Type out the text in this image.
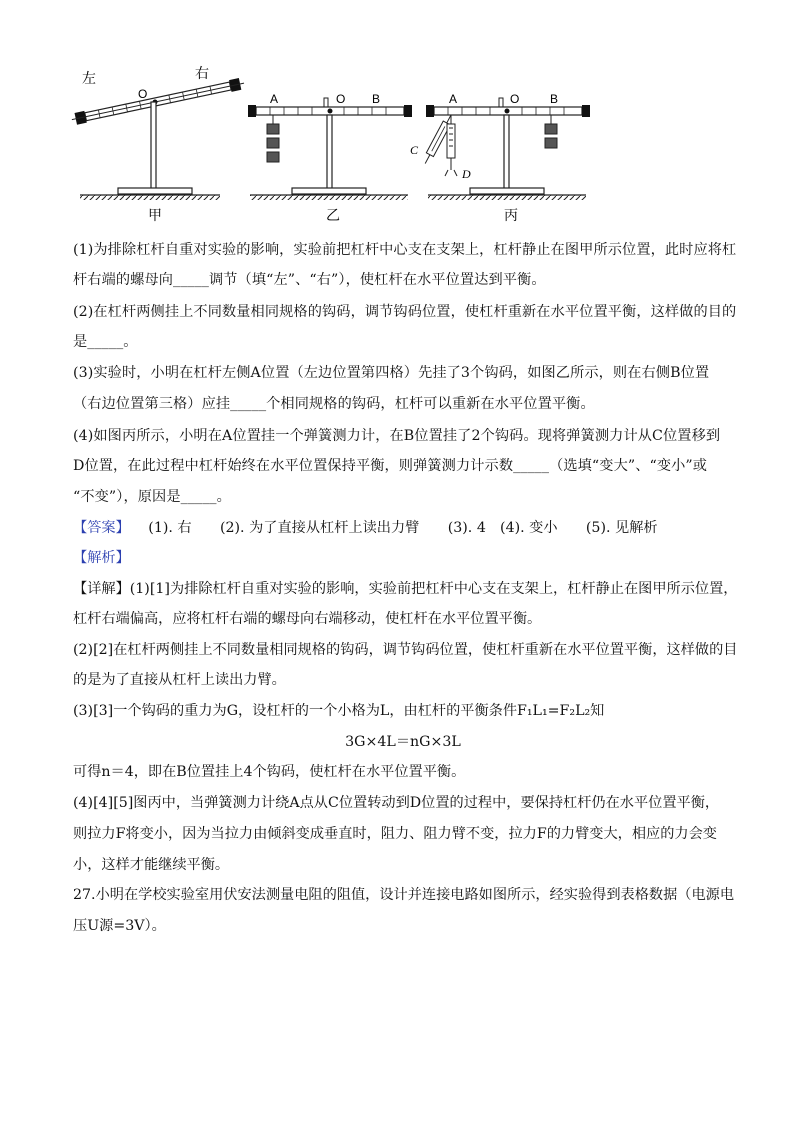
左	右
O
甲
A	O B
乙
A	O	B
C
D
丙
(1)为排除杠杆自重对实验的影响，实验前把杠杆中心支在支架上，杠杆静止在图甲所示位置，此时应将杠
杆右端的螺母向_____调节（填“左”、“右”），使杠杆在水平位置达到平衡。
(2)在杠杆两侧挂上不同数量相同规格的钩码，调节钩码位置，使杠杆重新在水平位置平衡，这样做的目的
是_____。
(3)实验时，小明在杠杆左侧A位置（左边位置第四格）先挂了3个钩码，如图乙所示，则在右侧B位置
（右边位置第三格）应挂_____个相同规格的钩码，杠杆可以重新在水平位置平衡。
(4)如图丙所示，小明在A位置挂一个弹簧测力计，在B位置挂了2个钩码。现将弹簧测力计从C位置移到
D位置，在此过程中杠杆始终在水平位置保持平衡，则弹簧测力计示数_____（选填“变大”、“变小”或
“不变”），原因是_____。
【答案】 (1). 右　　(2). 为了直接从杠杆上读出力臂　　(3). 4　(4). 变小　　(5). 见解析
【解析】
【详解】(1)[1]为排除杠杆自重对实验的影响，实验前把杠杆中心支在支架上，杠杆静止在图甲所示位置，
杠杆右端偏高，应将杠杆右端的螺母向右端移动，使杠杆在水平位置平衡。
(2)[2]在杠杆两侧挂上不同数量相同规格的钩码，调节钩码位置，使杠杆重新在水平位置平衡，这样做的目
的是为了直接从杠杆上读出力臂。
(3)[3]一个钩码的重力为G，设杠杆的一个小格为L，由杠杆的平衡条件F₁L₁=F₂L₂知
3G×4L＝nG×3L
可得n＝4，即在B位置挂上4个钩码，使杠杆在水平位置平衡。
(4)[4][5]图丙中，当弹簧测力计绕A点从C位置转动到D位置的过程中，要保持杠杆仍在水平位置平衡，
则拉力F将变小，因为当拉力由倾斜变成垂直时，阻力、阻力臂不变，拉力F的力臂变大，相应的力会变
小，这样才能继续平衡。
27.小明在学校实验室用伏安法测量电阻的阻值，设计并连接电路如图所示，经实验得到表格数据（电源电
压U源=3V）。
